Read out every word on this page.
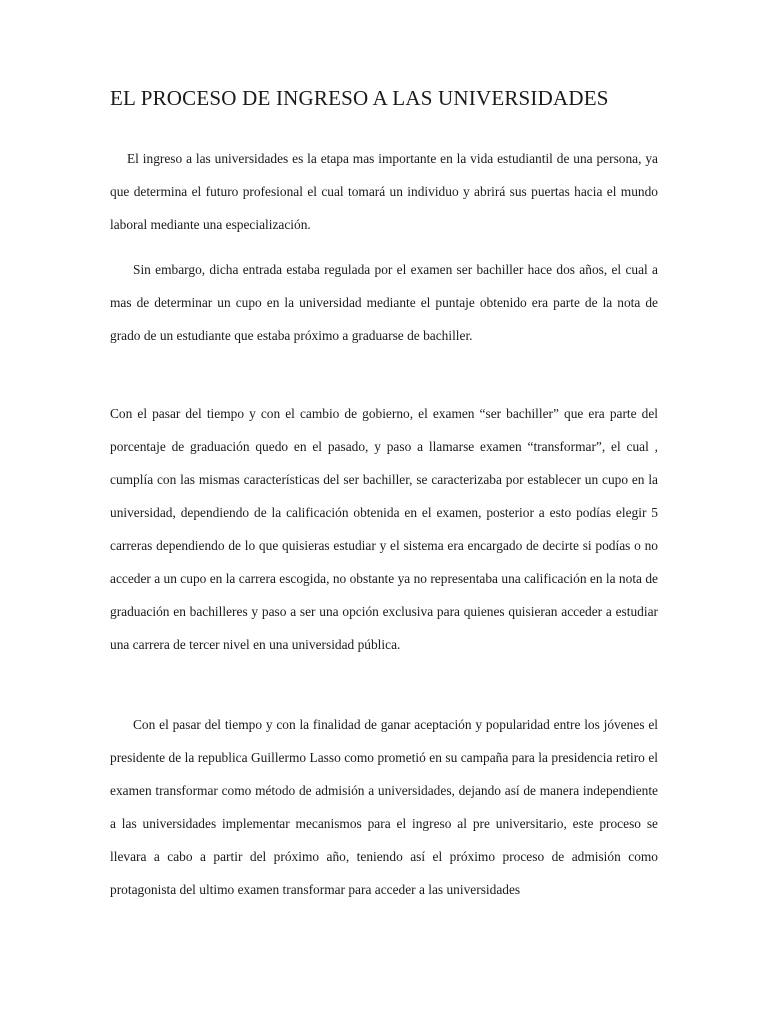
EL PROCESO DE INGRESO A LAS UNIVERSIDADES

El ingreso a las universidades es la etapa mas importante en la vida estudiantil de una persona, ya que determina el futuro profesional el cual tomará un individuo y abrirá sus puertas hacia el mundo laboral mediante una especialización.

Sin embargo, dicha entrada estaba regulada por el examen ser bachiller hace dos años, el cual a mas de determinar un cupo en la universidad mediante el puntaje obtenido era parte de la nota de grado de un estudiante que estaba próximo a graduarse de bachiller.

Con el pasar del tiempo y con el cambio de gobierno, el examen “ser bachiller” que era parte del porcentaje de graduación quedo en el pasado, y paso a llamarse examen “transformar”, el cual , cumplía con las mismas características del ser bachiller, se caracterizaba por establecer un cupo en la universidad, dependiendo de la calificación obtenida en el examen, posterior a esto podías elegir 5 carreras dependiendo de lo que quisieras estudiar y el sistema era encargado de decirte si podías o no acceder a un cupo en la carrera escogida, no obstante ya no representaba una calificación en la nota de graduación en bachilleres y paso a ser una opción exclusiva para quienes quisieran acceder a estudiar una carrera de tercer nivel en una universidad pública.

Con el pasar del tiempo y con la finalidad de ganar aceptación y popularidad entre los jóvenes el presidente de la republica Guillermo Lasso como prometió en su campaña para la presidencia retiro el examen transformar como método de admisión a universidades, dejando así de manera independiente a las universidades implementar mecanismos para el ingreso al pre universitario, este proceso se llevara a cabo a partir del próximo año, teniendo así el próximo proceso de admisión como protagonista del ultimo examen transformar para acceder a las universidades
